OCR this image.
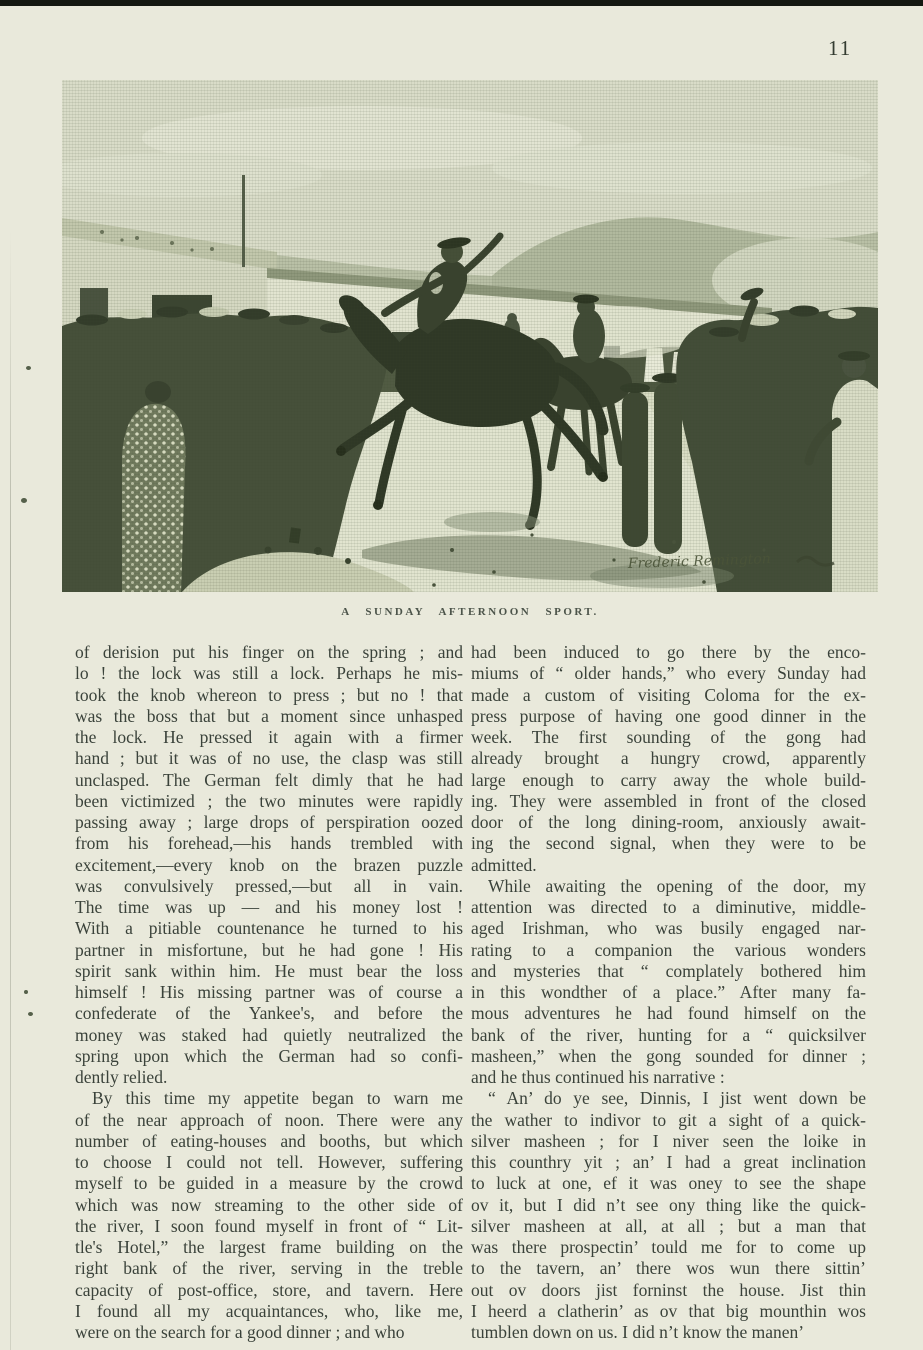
11
A SUNDAY AFTERNOON SPORT.
of derision put his finger on the spring ; and
lo ! the lock was still a lock. Perhaps he mis-
took the knob whereon to press ; but no ! that
was the boss that but a moment since unhasped
the lock. He pressed it again with a firmer
hand ; but it was of no use, the clasp was still
unclasped. The German felt dimly that he had
been victimized ; the two minutes were rapidly
passing away ; large drops of perspiration oozed
from his forehead,—his hands trembled with
excitement,—every knob on the brazen puzzle
was convulsively pressed,—but all in vain.
The time was up — and his money lost !
With a pitiable countenance he turned to his
partner in misfortune, but he had gone ! His
spirit sank within him. He must bear the loss
himself ! His missing partner was of course a
confederate of the Yankee's, and before the
money was staked had quietly neutralized the
spring upon which the German had so confi-
dently relied.
By this time my appetite began to warn me
of the near approach of noon. There were any
number of eating-houses and booths, but which
to choose I could not tell. However, suffering
myself to be guided in a measure by the crowd
which was now streaming to the other side of
the river, I soon found myself in front of “ Lit-
tle's Hotel,” the largest frame building on the
right bank of the river, serving in the treble
capacity of post-office, store, and tavern. Here
I found all my acquaintances, who, like me,
were on the search for a good dinner ; and who
had been induced to go there by the enco-
miums of “ older hands,” who every Sunday had
made a custom of visiting Coloma for the ex-
press purpose of having one good dinner in the
week. The first sounding of the gong had
already brought a hungry crowd, apparently
large enough to carry away the whole build-
ing. They were assembled in front of the closed
door of the long dining-room, anxiously await-
ing the second signal, when they were to be
admitted.
While awaiting the opening of the door, my
attention was directed to a diminutive, middle-
aged Irishman, who was busily engaged nar-
rating to a companion the various wonders
and mysteries that “ complately bothered him
in this wondther of a place.” After many fa-
mous adventures he had found himself on the
bank of the river, hunting for a “ quicksilver
masheen,” when the gong sounded for dinner ;
and he thus continued his narrative :
“ An’ do ye see, Dinnis, I jist went down be
the wather to indivor to git a sight of a quick-
silver masheen ; for I niver seen the loike in
this counthry yit ; an’ I had a great inclination
to luck at one, ef it was oney to see the shape
ov it, but I did n’t see ony thing like the quick-
silver masheen at all, at all ; but a man that
was there prospectin’ tould me for to come up
to the tavern, an’ there wos wun there sittin’
out ov doors jist forninst the house. Jist thin
I heerd a clatherin’ as ov that big mounthin wos
tumblen down on us. I did n’t know the manen’
